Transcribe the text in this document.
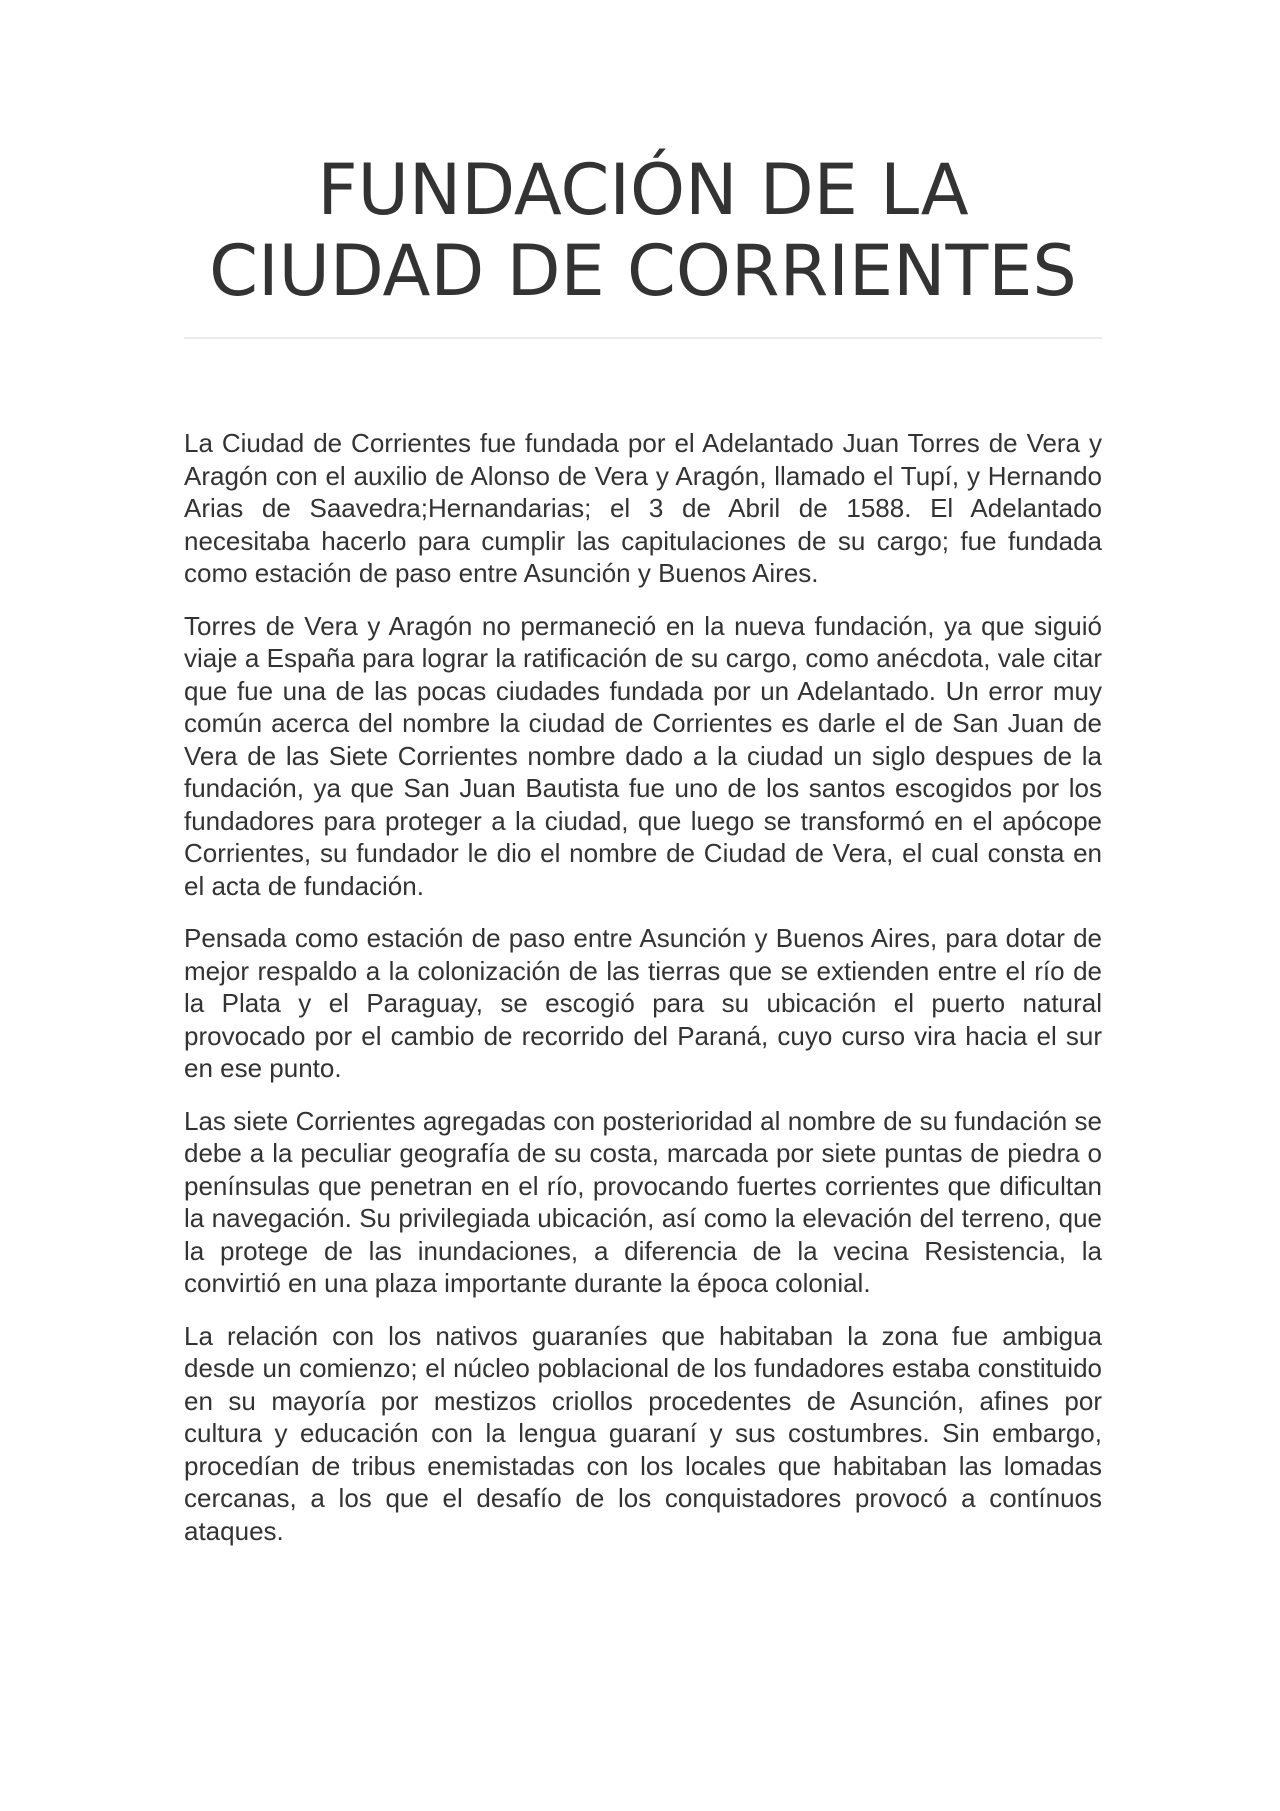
FUNDACIÓN DE LA
CIUDAD DE CORRIENTES

La Ciudad de Corrientes fue fundada por el Adelantado Juan Torres de Vera y Aragón con el auxilio de Alonso de Vera y Aragón, llamado el Tupí, y Hernando Arias de Saavedra;Hernandarias; el 3 de Abril de 1588. El Adelantado necesitaba hacerlo para cumplir las capitulaciones de su cargo; fue fundada como estación de paso entre Asunción y Buenos Aires.

Torres de Vera y Aragón no permaneció en la nueva fundación, ya que siguió viaje a España para lograr la ratificación de su cargo, como anécdota, vale citar que fue una de las pocas ciudades fundada por un Adelantado. Un error muy común acerca del nombre la ciudad de Corrientes es darle el de San Juan de Vera de las Siete Corrientes nombre dado a la ciudad un siglo despues de la fundación, ya que San Juan Bautista fue uno de los santos escogidos por los fundadores para proteger a la ciudad, que luego se transformó en el apócope Corrientes, su fundador le dio el nombre de Ciudad de Vera, el cual consta en el acta de fundación.

Pensada como estación de paso entre Asunción y Buenos Aires, para dotar de mejor respaldo a la colonización de las tierras que se extienden entre el río de la Plata y el Paraguay, se escogió para su ubicación el puerto natural provocado por el cambio de recorrido del Paraná, cuyo curso vira hacia el sur en ese punto.

Las siete Corrientes agregadas con posterioridad al nombre de su fundación se debe a la peculiar geografía de su costa, marcada por siete puntas de piedra o penínsulas que penetran en el río, provocando fuertes corrientes que dificultan la navegación. Su privilegiada ubicación, así como la elevación del terreno, que la protege de las inundaciones, a diferencia de la vecina Resistencia, la convirtió en una plaza importante durante la época colonial.

La relación con los nativos guaraníes que habitaban la zona fue ambigua desde un comienzo; el núcleo poblacional de los fundadores estaba constituido en su mayoría por mestizos criollos procedentes de Asunción, afines por cultura y educación con la lengua guaraní y sus costumbres. Sin embargo, procedían de tribus enemistadas con los locales que habitaban las lomadas cercanas, a los que el desafío de los conquistadores provocó a contínuos ataques.
